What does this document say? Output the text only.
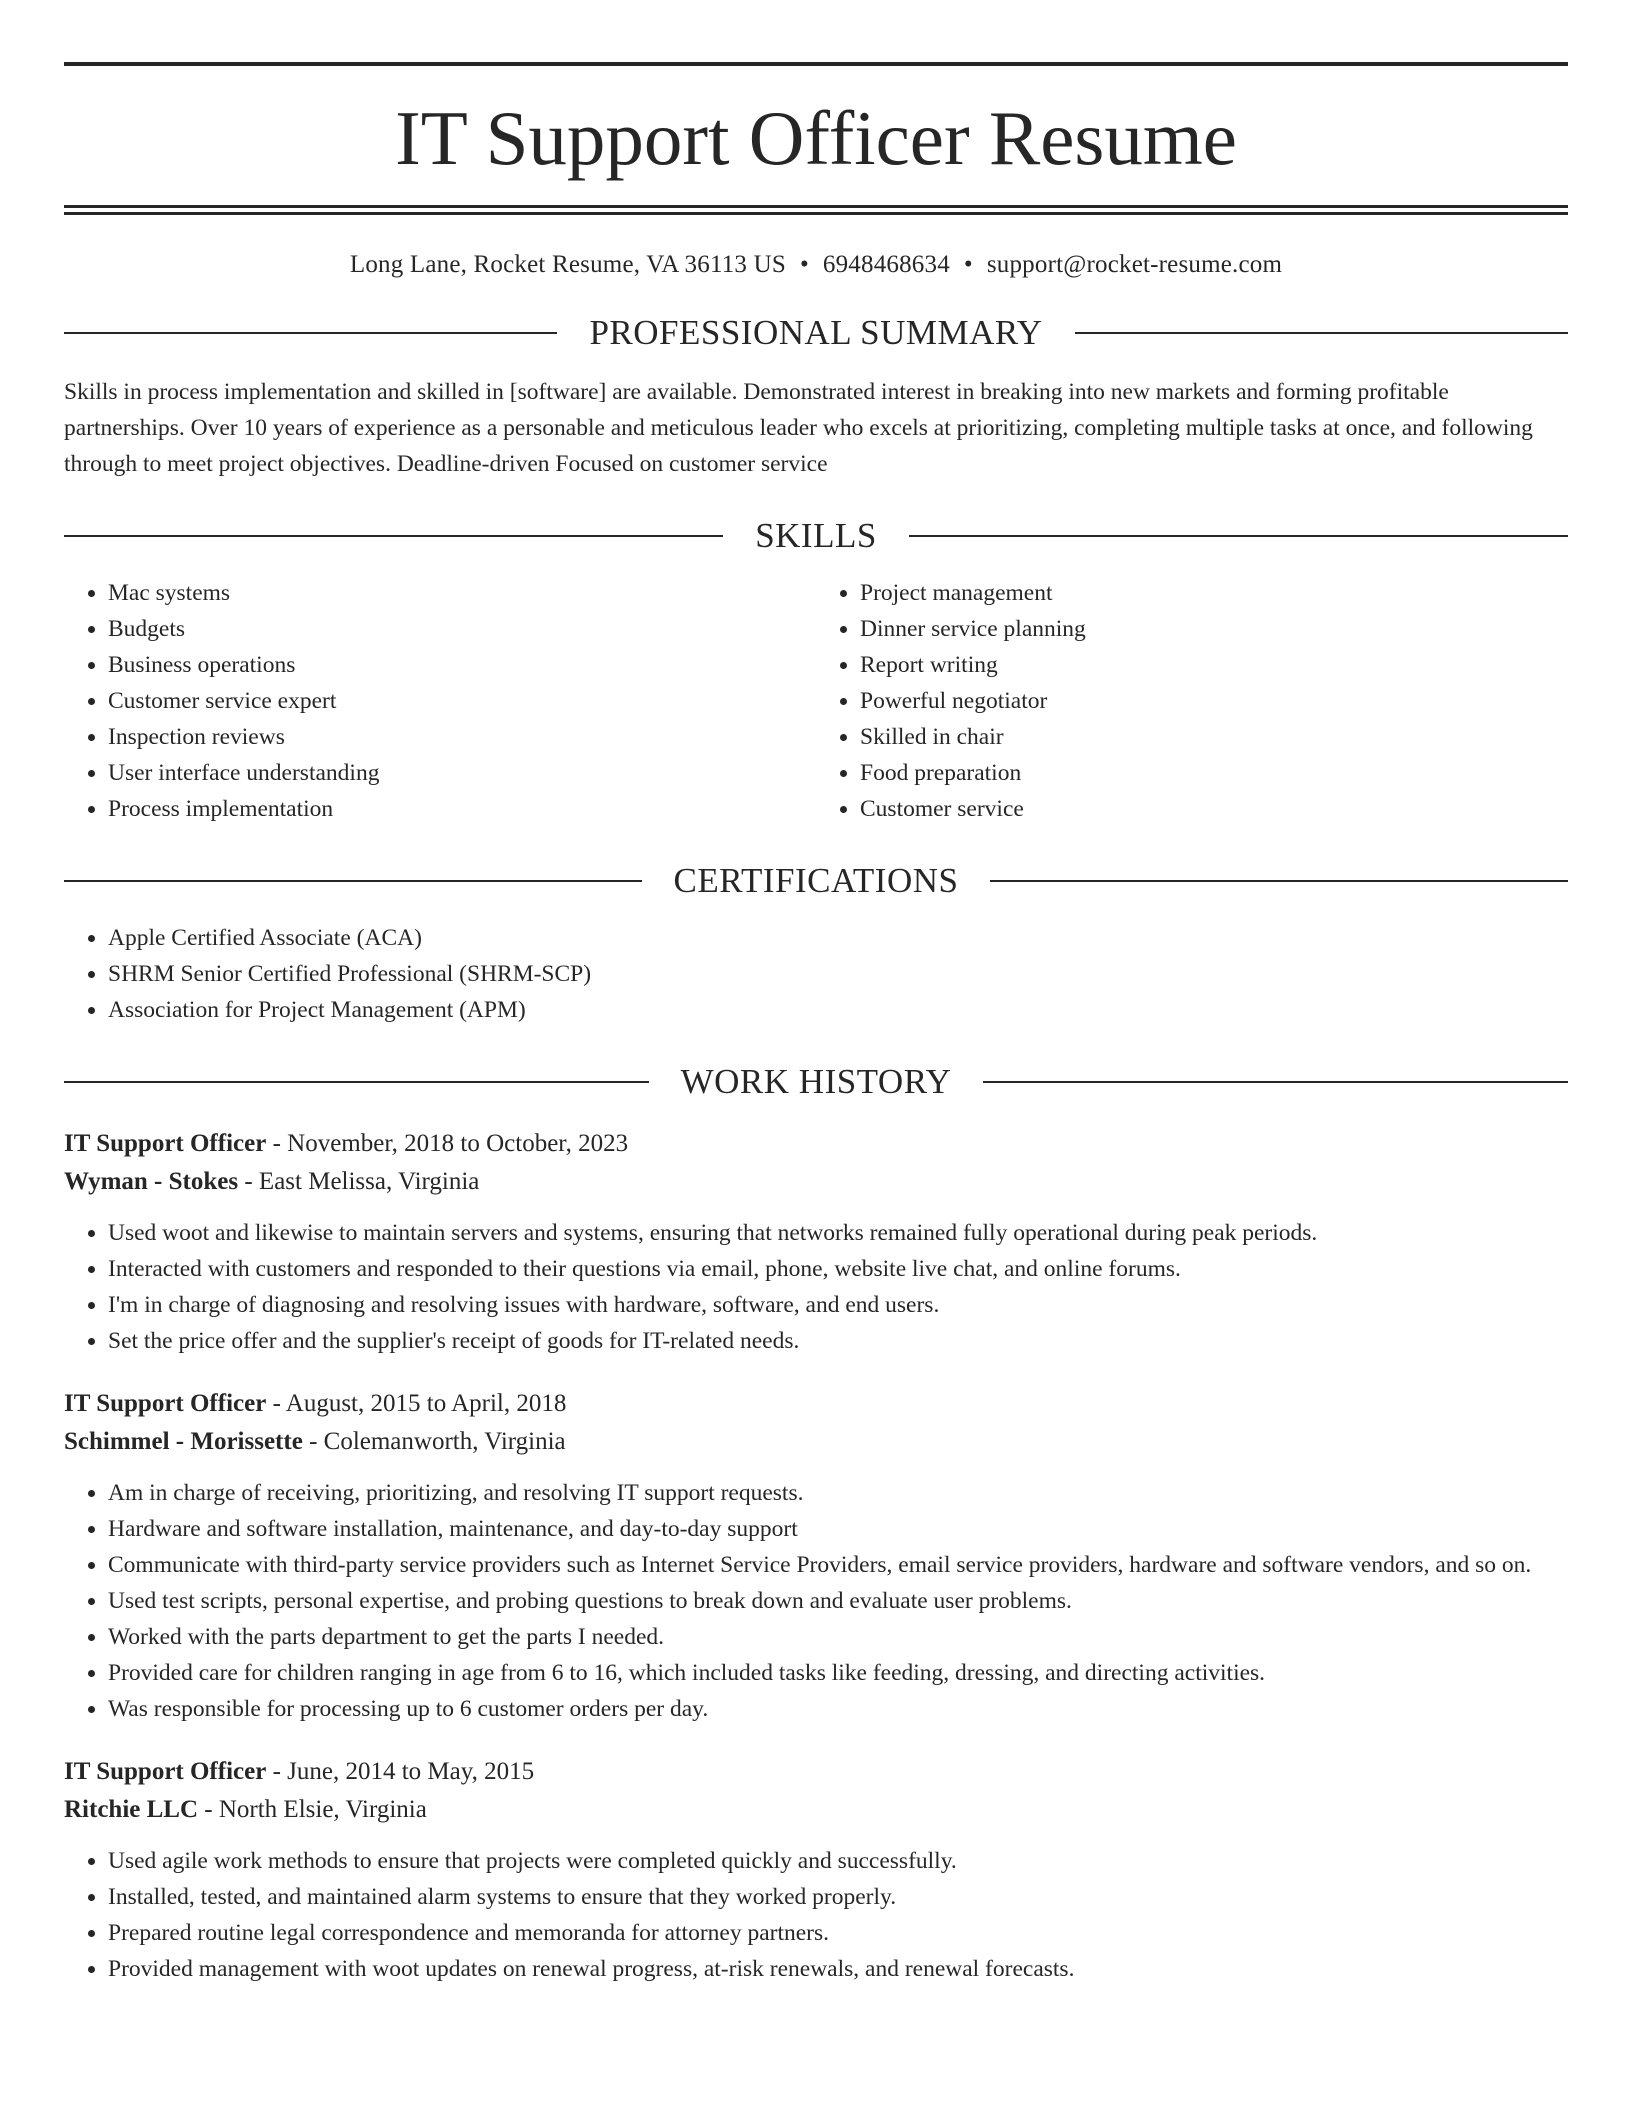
IT Support Officer Resume
Long Lane, Rocket Resume, VA 36113 US • 6948468634 • support@rocket-resume.com
PROFESSIONAL SUMMARY
Skills in process implementation and skilled in [software] are available. Demonstrated interest in breaking into new markets and forming profitable partnerships. Over 10 years of experience as a personable and meticulous leader who excels at prioritizing, completing multiple tasks at once, and following through to meet project objectives. Deadline-driven Focused on customer service
SKILLS
• Mac systems
• Budgets
• Business operations
• Customer service expert
• Inspection reviews
• User interface understanding
• Process implementation
• Project management
• Dinner service planning
• Report writing
• Powerful negotiator
• Skilled in chair
• Food preparation
• Customer service
CERTIFICATIONS
• Apple Certified Associate (ACA)
• SHRM Senior Certified Professional (SHRM-SCP)
• Association for Project Management (APM)
WORK HISTORY
IT Support Officer - November, 2018 to October, 2023
Wyman - Stokes - East Melissa, Virginia
• Used woot and likewise to maintain servers and systems, ensuring that networks remained fully operational during peak periods.
• Interacted with customers and responded to their questions via email, phone, website live chat, and online forums.
• I'm in charge of diagnosing and resolving issues with hardware, software, and end users.
• Set the price offer and the supplier's receipt of goods for IT-related needs.
IT Support Officer - August, 2015 to April, 2018
Schimmel - Morissette - Colemanworth, Virginia
• Am in charge of receiving, prioritizing, and resolving IT support requests.
• Hardware and software installation, maintenance, and day-to-day support
• Communicate with third-party service providers such as Internet Service Providers, email service providers, hardware and software vendors, and so on.
• Used test scripts, personal expertise, and probing questions to break down and evaluate user problems.
• Worked with the parts department to get the parts I needed.
• Provided care for children ranging in age from 6 to 16, which included tasks like feeding, dressing, and directing activities.
• Was responsible for processing up to 6 customer orders per day.
IT Support Officer - June, 2014 to May, 2015
Ritchie LLC - North Elsie, Virginia
• Used agile work methods to ensure that projects were completed quickly and successfully.
• Installed, tested, and maintained alarm systems to ensure that they worked properly.
• Prepared routine legal correspondence and memoranda for attorney partners.
• Provided management with woot updates on renewal progress, at-risk renewals, and renewal forecasts.
